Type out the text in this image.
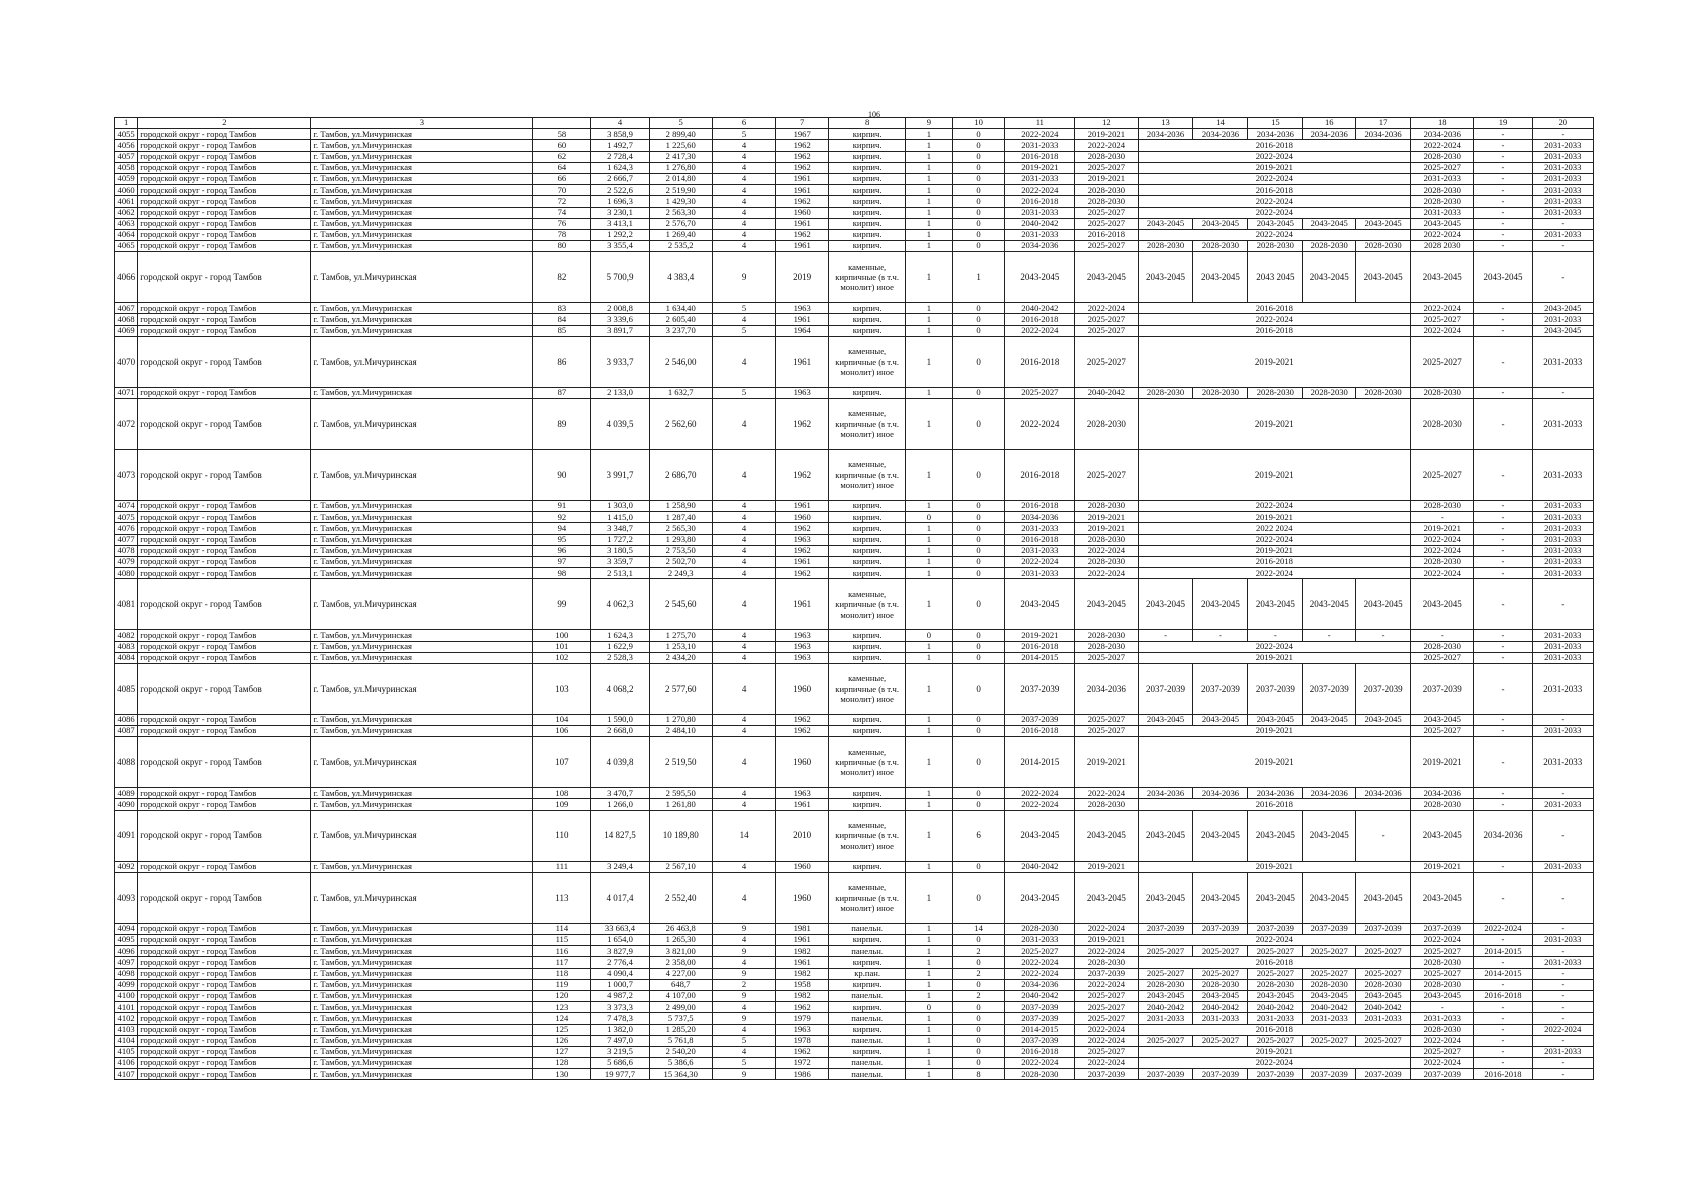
106
1	2	3		4	5	6	7	8	9	10	11	12	13	14	15	16	17	18	19	20
4055	городской округ - город Тамбов	г. Тамбов, ул.Мичуринская	58	3 858,9	2 899,40	5	1967	кирпич.	1	0	2022-2024	2019-2021	2034-2036	2034-2036	2034-2036	2034-2036	2034-2036	2034-2036	-	-
4056	городской округ - город Тамбов	г. Тамбов, ул.Мичуринская	60	1 492,7	1 225,60	4	1962	кирпич.	1	0	2031-2033	2022-2024	2016-2018					2022-2024	-	2031-2033
4057	городской округ - город Тамбов	г. Тамбов, ул.Мичуринская	62	2 728,4	2 417,30	4	1962	кирпич.	1	0	2016-2018	2028-2030	2022-2024					2028-2030	-	2031-2033
4058	городской округ - город Тамбов	г. Тамбов, ул.Мичуринская	64	1 624,3	1 276,80	4	1962	кирпич.	1	0	2019-2021	2025-2027	2019-2021					2025-2027	-	2031-2033
4059	городской округ - город Тамбов	г. Тамбов, ул.Мичуринская	66	2 666,7	2 014,80	4	1961	кирпич.	1	0	2031-2033	2019-2021	2022-2024					2031-2033	-	2031-2033
4060	городской округ - город Тамбов	г. Тамбов, ул.Мичуринская	70	2 522,6	2 519,90	4	1961	кирпич.	1	0	2022-2024	2028-2030	2016-2018					2028-2030	-	2031-2033
4061	городской округ - город Тамбов	г. Тамбов, ул.Мичуринская	72	1 696,3	1 429,30	4	1962	кирпич.	1	0	2016-2018	2028-2030	2022-2024					2028-2030	-	2031-2033
4062	городской округ - город Тамбов	г. Тамбов, ул.Мичуринская	74	3 230,1	2 563,30	4	1960	кирпич.	1	0	2031-2033	2025-2027	2022-2024					2031-2033	-	2031-2033
4063	городской округ - город Тамбов	г. Тамбов, ул.Мичуринская	76	3 413,1	2 576,70	4	1961	кирпич.	1	0	2040-2042	2025-2027	2043-2045	2043-2045	2043-2045	2043-2045	2043-2045	2043-2045	-	-
4064	городской округ - город Тамбов	г. Тамбов, ул.Мичуринская	78	1 292,2	1 269,40	4	1962	кирпич.	1	0	2031-2033	2016-2018	2022-2024					2022-2024	-	2031-2033
4065	городской округ - город Тамбов	г. Тамбов, ул.Мичуринская	80	3 355,4	2 535,2	4	1961	кирпич.	1	0	2034-2036	2025-2027	2028-2030	2028-2030	2028-2030	2028-2030	2028-2030	2028 2030	-	-
4066	городской округ - город Тамбов	г. Тамбов, ул.Мичуринская	82	5 700,9	4 383,4	9	2019	каменные, кирпичные (в т.ч. монолит) иное	1	1	2043-2045	2043-2045	2043-2045	2043-2045	2043 2045	2043-2045	2043-2045	2043-2045	2043-2045	-
4067	городской округ - город Тамбов	г. Тамбов, ул.Мичуринская	83	2 008,8	1 634,40	5	1963	кирпич.	1	0	2040-2042	2022-2024	2016-2018					2022-2024	-	2043-2045
4068	городской округ - город Тамбов	г. Тамбов, ул.Мичуринская	84	3 339,6	2 605,40	4	1961	кирпич.	1	0	2016-2018	2025-2027	2022-2024					2025-2027	-	2031-2033
4069	городской округ - город Тамбов	г. Тамбов, ул.Мичуринская	85	3 891,7	3 237,70	5	1964	кирпич.	1	0	2022-2024	2025-2027	2016-2018					2022-2024	-	2043-2045
4070	городской округ - город Тамбов	г. Тамбов, ул.Мичуринская	86	3 933,7	2 546,00	4	1961	каменные, кирпичные (в т.ч. монолит) иное	1	0	2016-2018	2025-2027	2019-2021					2025-2027	-	2031-2033
4071	городской округ - город Тамбов	г. Тамбов, ул.Мичуринская	87	2 133,0	1 632,7	5	1963	кирпич.	1	0	2025-2027	2040-2042	2028-2030	2028-2030	2028-2030	2028-2030	2028-2030	2028-2030	-	-
4072	городской округ - город Тамбов	г. Тамбов, ул.Мичуринская	89	4 039,5	2 562,60	4	1962	каменные, кирпичные (в т.ч. монолит) иное	1	0	2022-2024	2028-2030	2019-2021					2028-2030	-	2031-2033
4073	городской округ - город Тамбов	г. Тамбов, ул.Мичуринская	90	3 991,7	2 686,70	4	1962	каменные, кирпичные (в т.ч. монолит) иное	1	0	2016-2018	2025-2027	2019-2021					2025-2027	-	2031-2033
4074	городской округ - город Тамбов	г. Тамбов, ул.Мичуринская	91	1 303,0	1 258,90	4	1961	кирпич.	1	0	2016-2018	2028-2030	2022-2024					2028-2030	-	2031-2033
4075	городской округ - город Тамбов	г. Тамбов, ул.Мичуринская	92	1 415,0	1 287,40	4	1960	кирпич.	0	0	2034-2036	2019-2021	2019-2021					-	-	2031-2033
4076	городской округ - город Тамбов	г. Тамбов, ул.Мичуринская	94	3 348,7	2 565,30	4	1962	кирпич.	1	0	2031-2033	2019-2021	2022 2024					2019-2021	-	2031-2033
4077	городской округ - город Тамбов	г. Тамбов, ул.Мичуринская	95	1 727,2	1 293,80	4	1963	кирпич.	1	0	2016-2018	2028-2030	2022-2024					2022-2024	-	2031-2033
4078	городской округ - город Тамбов	г. Тамбов, ул.Мичуринская	96	3 180,5	2 753,50	4	1962	кирпич.	1	0	2031-2033	2022-2024	2019-2021					2022-2024	-	2031-2033
4079	городской округ - город Тамбов	г. Тамбов, ул.Мичуринская	97	3 359,7	2 502,70	4	1961	кирпич.	1	0	2022-2024	2028-2030	2016-2018					2028-2030	-	2031-2033
4080	городской округ - город Тамбов	г. Тамбов, ул.Мичуринская	98	2 513,1	2 249,3	4	1962	кирпич.	1	0	2031-2033	2022-2024	2022-2024					2022-2024	-	2031-2033
4081	городской округ - город Тамбов	г. Тамбов, ул.Мичуринская	99	4 062,3	2 545,60	4	1961	каменные, кирпичные (в т.ч. монолит) иное	1	0	2043-2045	2043-2045	2043-2045	2043-2045	2043-2045	2043-2045	2043-2045	2043-2045	-	-
4082	городской округ - город Тамбов	г. Тамбов, ул.Мичуринская	100	1 624,3	1 275,70	4	1963	кирпич.	0	0	2019-2021	2028-2030	-	-	-	-	-	-	-	2031-2033
4083	городской округ - город Тамбов	г. Тамбов, ул.Мичуринская	101	1 622,9	1 253,10	4	1963	кирпич.	1	0	2016-2018	2028-2030	2022-2024					2028-2030	-	2031-2033
4084	городской округ - город Тамбов	г. Тамбов, ул.Мичуринская	102	2 528,3	2 434,20	4	1963	кирпич.	1	0	2014-2015	2025-2027	2019-2021					2025-2027	-	2031-2033
4085	городской округ - город Тамбов	г. Тамбов, ул.Мичуринская	103	4 068,2	2 577,60	4	1960	каменные, кирпичные (в т.ч. монолит) иное	1	0	2037-2039	2034-2036	2037-2039	2037-2039	2037-2039	2037-2039	2037-2039	2037-2039	-	2031-2033
4086	городской округ - город Тамбов	г. Тамбов, ул.Мичуринская	104	1 590,0	1 270,80	4	1962	кирпич.	1	0	2037-2039	2025-2027	2043-2045	2043-2045	2043-2045	2043-2045	2043-2045	2043-2045	-	-
4087	городской округ - город Тамбов	г. Тамбов, ул.Мичуринская	106	2 668,0	2 484,10	4	1962	кирпич.	1	0	2016-2018	2025-2027	2019-2021					2025-2027	-	2031-2033
4088	городской округ - город Тамбов	г. Тамбов, ул.Мичуринская	107	4 039,8	2 519,50	4	1960	каменные, кирпичные (в т.ч. монолит) иное	1	0	2014-2015	2019-2021	2019-2021					2019-2021	-	2031-2033
4089	городской округ - город Тамбов	г. Тамбов, ул.Мичуринская	108	3 470,7	2 595,50	4	1963	кирпич.	1	0	2022-2024	2022-2024	2034-2036	2034-2036	2034-2036	2034-2036	2034-2036	2034-2036	-	-
4090	городской округ - город Тамбов	г. Тамбов, ул.Мичуринская	109	1 266,0	1 261,80	4	1961	кирпич.	1	0	2022-2024	2028-2030	2016-2018					2028-2030	-	2031-2033
4091	городской округ - город Тамбов	г. Тамбов, ул.Мичуринская	110	14 827,5	10 189,80	14	2010	каменные, кирпичные (в т.ч. монолит) иное	1	6	2043-2045	2043-2045	2043-2045	2043-2045	2043-2045	2043-2045	-	2043-2045	2034-2036	-
4092	городской округ - город Тамбов	г. Тамбов, ул.Мичуринская	111	3 249,4	2 567,10	4	1960	кирпич.	1	0	2040-2042	2019-2021	2019-2021					2019-2021	-	2031-2033
4093	городской округ - город Тамбов	г. Тамбов, ул.Мичуринская	113	4 017,4	2 552,40	4	1960	каменные, кирпичные (в т.ч. монолит) иное	1	0	2043-2045	2043-2045	2043-2045	2043-2045	2043-2045	2043-2045	2043-2045	2043-2045	-	-
4094	городской округ - город Тамбов	г. Тамбов, ул.Мичуринская	114	33 663,4	26 463,8	9	1981	панельн.	1	14	2028-2030	2022-2024	2037-2039	2037-2039	2037-2039	2037-2039	2037-2039	2037-2039	2022-2024	-
4095	городской округ - город Тамбов	г. Тамбов, ул.Мичуринская	115	1 654,0	1 265,30	4	1961	кирпич.	1	0	2031-2033	2019-2021	2022-2024					2022-2024	-	2031-2033
4096	городской округ - город Тамбов	г. Тамбов, ул.Мичуринская	116	3 827,9	3 821,00	9	1982	панельн.	1	2	2025-2027	2022-2024	2025-2027	2025-2027	2025-2027	2025-2027	2025-2027	2025-2027	2014-2015	-
4097	городской округ - город Тамбов	г. Тамбов, ул.Мичуринская	117	2 776,4	2 358,00	4	1961	кирпич.	1	0	2022-2024	2028-2030	2016-2018					2028-2030	-	2031-2033
4098	городской округ - город Тамбов	г. Тамбов, ул.Мичуринская	118	4 090,4	4 227,00	9	1982	кр.пан.	1	2	2022-2024	2037-2039	2025-2027	2025-2027	2025-2027	2025-2027	2025-2027	2025-2027	2014-2015	-
4099	городской округ - город Тамбов	г. Тамбов, ул.Мичуринская	119	1 000,7	648,7	2	1958	кирпич.	1	0	2034-2036	2022-2024	2028-2030	2028-2030	2028-2030	2028-2030	2028-2030	2028-2030	-	-
4100	городской округ - город Тамбов	г. Тамбов, ул.Мичуринская	120	4 987,2	4 107,00	9	1982	панельн.	1	2	2040-2042	2025-2027	2043-2045	2043-2045	2043-2045	2043-2045	2043-2045	2043-2045	2016-2018	-
4101	городской округ - город Тамбов	г. Тамбов, ул.Мичуринская	123	3 373,3	2 499,00	4	1962	кирпич.	0	0	2037-2039	2025-2027	2040-2042	2040-2042	2040-2042	2040-2042	2040-2042	-	-	-
4102	городской округ - город Тамбов	г. Тамбов, ул.Мичуринская	124	7 478,3	5 737,5	9	1979	панельн.	1	0	2037-2039	2025-2027	2031-2033	2031-2033	2031-2033	2031-2033	2031-2033	2031-2033	-	-
4103	городской округ - город Тамбов	г. Тамбов, ул.Мичуринская	125	1 382,0	1 285,20	4	1963	кирпич.	1	0	2014-2015	2022-2024	2016-2018					2028-2030	-	2022-2024
4104	городской округ - город Тамбов	г. Тамбов, ул.Мичуринская	126	7 497,0	5 761,8	5	1978	панельн.	1	0	2037-2039	2022-2024	2025-2027	2025-2027	2025-2027	2025-2027	2025-2027	2022-2024	-	-
4105	городской округ - город Тамбов	г. Тамбов, ул.Мичуринская	127	3 219,5	2 540,20	4	1962	кирпич.	1	0	2016-2018	2025-2027	2019-2021					2025-2027	-	2031-2033
4106	городской округ - город Тамбов	г. Тамбов, ул.Мичуринская	128	5 686,6	5 386,6	5	1972	панельн.	1	0	2022-2024	2022-2024	2022-2024					2022-2024	-	-
4107	городской округ - город Тамбов	г. Тамбов, ул.Мичуринская	130	19 977,7	15 364,30	9	1986	панельн.	1	8	2028-2030	2037-2039	2037-2039	2037-2039	2037-2039	2037-2039	2037-2039	2037-2039	2016-2018	-
